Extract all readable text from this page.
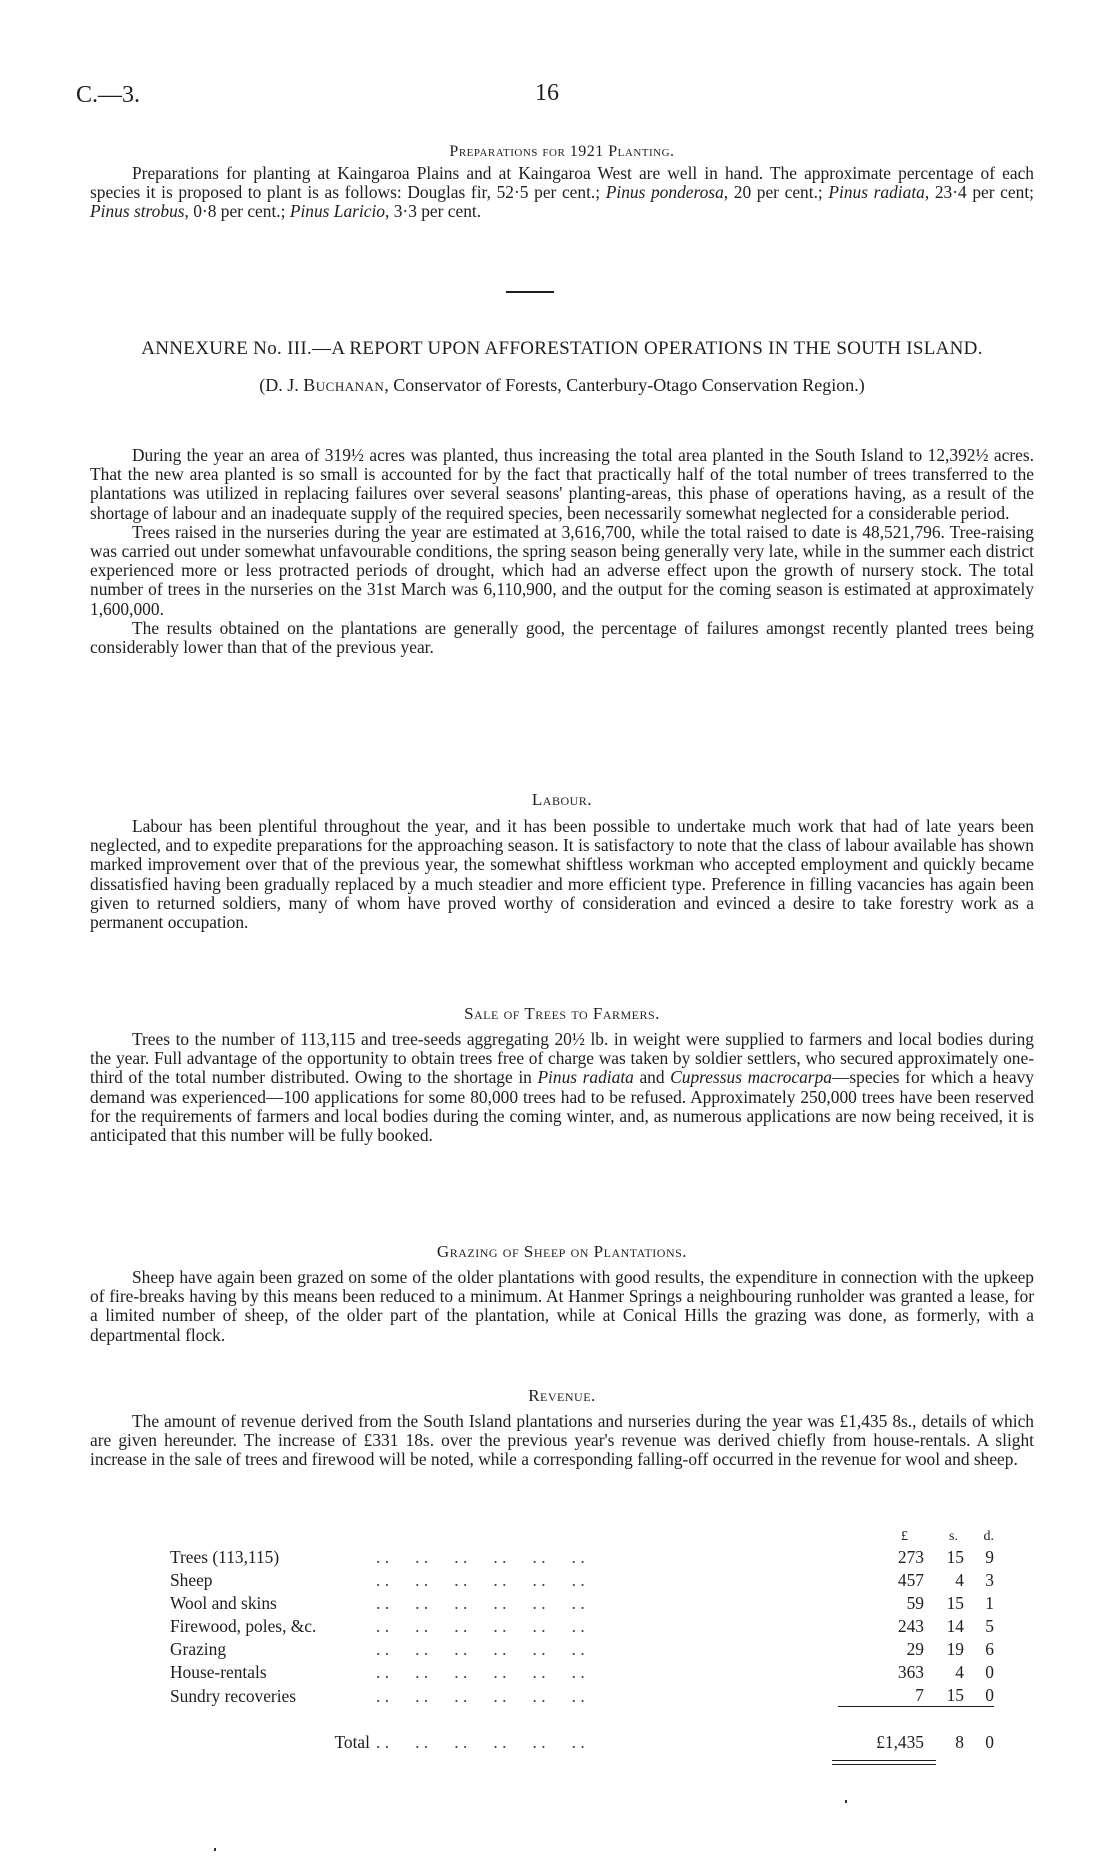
C.—3.	16
Preparations for 1921 Planting.

Preparations for planting at Kaingaroa Plains and at Kaingaroa West are well in hand. The approximate percentage of each species it is proposed to plant is as follows: Douglas fir, 52·5 per cent.; Pinus ponderosa, 20 per cent.; Pinus radiata, 23·4 per cent; Pinus strobus, 0·8 per cent.; Pinus Laricio, 3·3 per cent.

ANNEXURE No. III.—A REPORT UPON AFFORESTATION OPERATIONS IN THE SOUTH ISLAND.
(D. J. Buchanan, Conservator of Forests, Canterbury-Otago Conservation Region.)

During the year an area of 319½ acres was planted, thus increasing the total area planted in the South Island to 12,392½ acres. That the new area planted is so small is accounted for by the fact that practically half of the total number of trees transferred to the plantations was utilized in replacing failures over several seasons' planting-areas, this phase of operations having, as a result of the shortage of labour and an inadequate supply of the required species, been necessarily somewhat neglected for a considerable period.

Trees raised in the nurseries during the year are estimated at 3,616,700, while the total raised to date is 48,521,796. Tree-raising was carried out under somewhat unfavourable conditions, the spring season being generally very late, while in the summer each district experienced more or less protracted periods of drought, which had an adverse effect upon the growth of nursery stock. The total number of trees in the nurseries on the 31st March was 6,110,900, and the output for the coming season is estimated at approximately 1,600,000.

The results obtained on the plantations are generally good, the percentage of failures amongst recently planted trees being considerably lower than that of the previous year.

Labour.

Labour has been plentiful throughout the year, and it has been possible to undertake much work that had of late years been neglected, and to expedite preparations for the approaching season. It is satisfactory to note that the class of labour available has shown marked improvement over that of the previous year, the somewhat shiftless workman who accepted employment and quickly became dissatisfied having been gradually replaced by a much steadier and more efficient type. Preference in filling vacancies has again been given to returned soldiers, many of whom have proved worthy of consideration and evinced a desire to take forestry work as a permanent occupation.

Sale of Trees to Farmers.

Trees to the number of 113,115 and tree-seeds aggregating 20½ lb. in weight were supplied to farmers and local bodies during the year. Full advantage of the opportunity to obtain trees free of charge was taken by soldier settlers, who secured approximately one-third of the total number distributed. Owing to the shortage in Pinus radiata and Cupressus macrocarpa—species for which a heavy demand was experienced—100 applications for some 80,000 trees had to be refused. Approximately 250,000 trees have been reserved for the requirements of farmers and local bodies during the coming winter, and, as numerous applications are now being received, it is anticipated that this number will be fully booked.

Grazing of Sheep on Plantations.

Sheep have again been grazed on some of the older plantations with good results, the expenditure in connection with the upkeep of fire-breaks having by this means been reduced to a minimum. At Hanmer Springs a neighbouring runholder was granted a lease, for a limited number of sheep, of the older part of the plantation, while at Conical Hills the grazing was done, as formerly, with a departmental flock.

Revenue.

The amount of revenue derived from the South Island plantations and nurseries during the year was £1,435 8s., details of which are given hereunder. The increase of £331 18s. over the previous year's revenue was derived chiefly from house-rentals. A slight increase in the sale of trees and firewood will be noted, while a corresponding falling-off occurred in the revenue for wool and sheep.

		£	s.	d.
Trees (113,115)	. .      . .      . .      . .      . .      . .	273	15	9
Sheep	. .      . .      . .      . .      . .      . .	457	4	3
Wool and skins	. .      . .      . .      . .      . .      . .	59	15	1
Firewood, poles, &c.	. .      . .      . .      . .      . .      . .	243	14	5
Grazing	. .      . .      . .      . .      . .      . .	29	19	6
House-rentals	. .      . .      . .      . .      . .      . .	363	4	0
Sundry recoveries	. .      . .      . .      . .      . .      . .	7	15	0

Total	. .      . .      . .      . .      . .      . .	£1,435	8	0
